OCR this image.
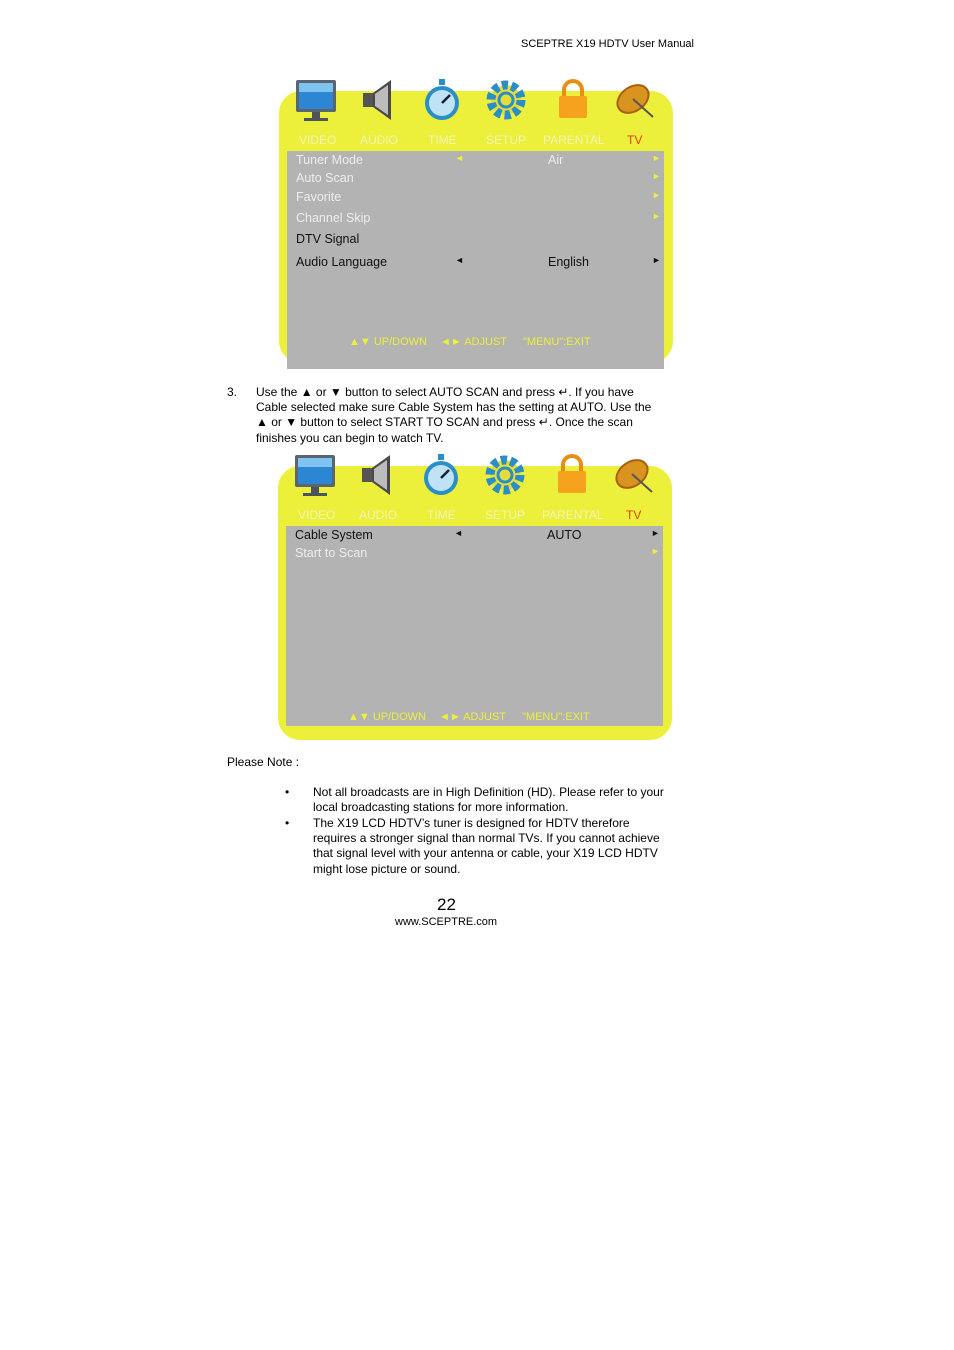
SCEPTRE X19 HDTV User Manual
VIDEO AUDIO TIME SETUP PARENTAL TV
Tuner Mode	◄	Air	►
Auto Scan	►
Favorite	►
Channel Skip	►
DTV Signal
Audio Language	◄	English	►
▲▼ UP/DOWN ◄► ADJUST "MENU":EXIT
3. Use the ▲ or ▼ button to select AUTO SCAN and press ↵. If you have
Cable selected make sure Cable System has the setting at AUTO. Use the
▲ or ▼ button to select START TO SCAN and press ↵. Once the scan
finishes you can begin to watch TV.
VIDEO AUDIO TIME SETUP PARENTAL TV
Cable System	◄	AUTO	►
Start to Scan	►
▲▼ UP/DOWN ◄► ADJUST "MENU":EXIT
Please Note :
• Not all broadcasts are in High Definition (HD). Please refer to your
local broadcasting stations for more information.
• The X19 LCD HDTV’s tuner is designed for HDTV therefore
requires a stronger signal than normal TVs. If you cannot achieve
that signal level with your antenna or cable, your X19 LCD HDTV
might lose picture or sound.
22
www.SCEPTRE.com
